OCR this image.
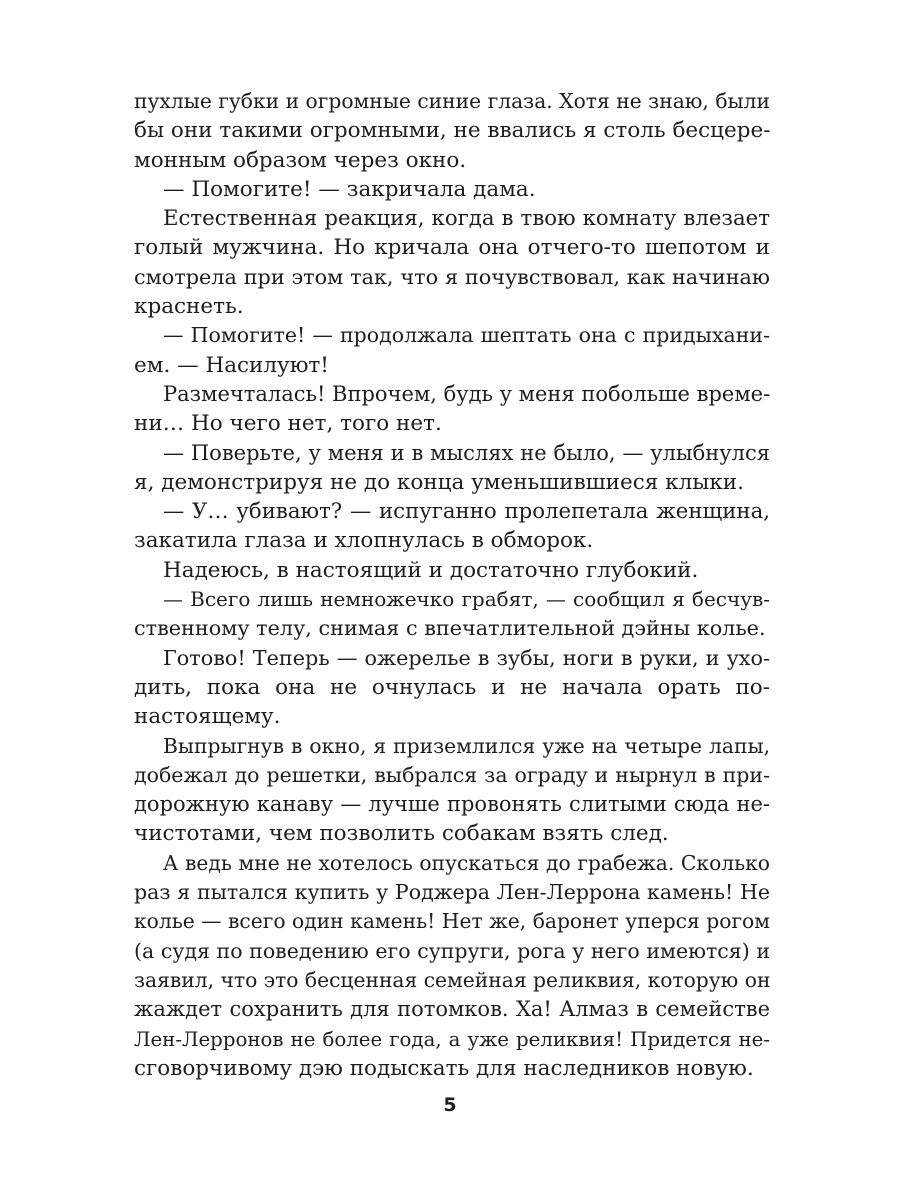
пухлые губки и огромные синие глаза. Хотя не знаю, были
бы они такими огромными, не ввались я столь бесцере-
монным образом через окно.
— Помогите! — закричала дама.
Естественная реакция, когда в твою комнату влезает
голый мужчина. Но кричала она отчего-то шепотом и
смотрела при этом так, что я почувствовал, как начинаю
краснеть.
— Помогите! — продолжала шептать она с придыхани-
ем. — Насилуют!
Размечталась! Впрочем, будь у меня побольше време-
ни… Но чего нет, того нет.
— Поверьте, у меня и в мыслях не было, — улыбнулся
я, демонстрируя не до конца уменьшившиеся клыки.
— У… убивают? — испуганно пролепетала женщина,
закатила глаза и хлопнулась в обморок.
Надеюсь, в настоящий и достаточно глубокий.
— Всего лишь немножечко грабят, — сообщил я бесчув-
ственному телу, снимая с впечатлительной дэйны колье.
Готово! Теперь — ожерелье в зубы, ноги в руки, и ухо-
дить, пока она не очнулась и не начала орать по-
настоящему.
Выпрыгнув в окно, я приземлился уже на четыре лапы,
добежал до решетки, выбрался за ограду и нырнул в при-
дорожную канаву — лучше провонять слитыми сюда не-
чистотами, чем позволить собакам взять след.
А ведь мне не хотелось опускаться до грабежа. Сколько
раз я пытался купить у Роджера Лен-Леррона камень! Не
колье — всего один камень! Нет же, баронет уперся рогом
(а судя по поведению его супруги, рога у него имеются) и
заявил, что это бесценная семейная реликвия, которую он
жаждет сохранить для потомков. Ха! Алмаз в семействе
Лен-Лерронов не более года, а уже реликвия! Придется не-
сговорчивому дэю подыскать для наследников новую.
5
